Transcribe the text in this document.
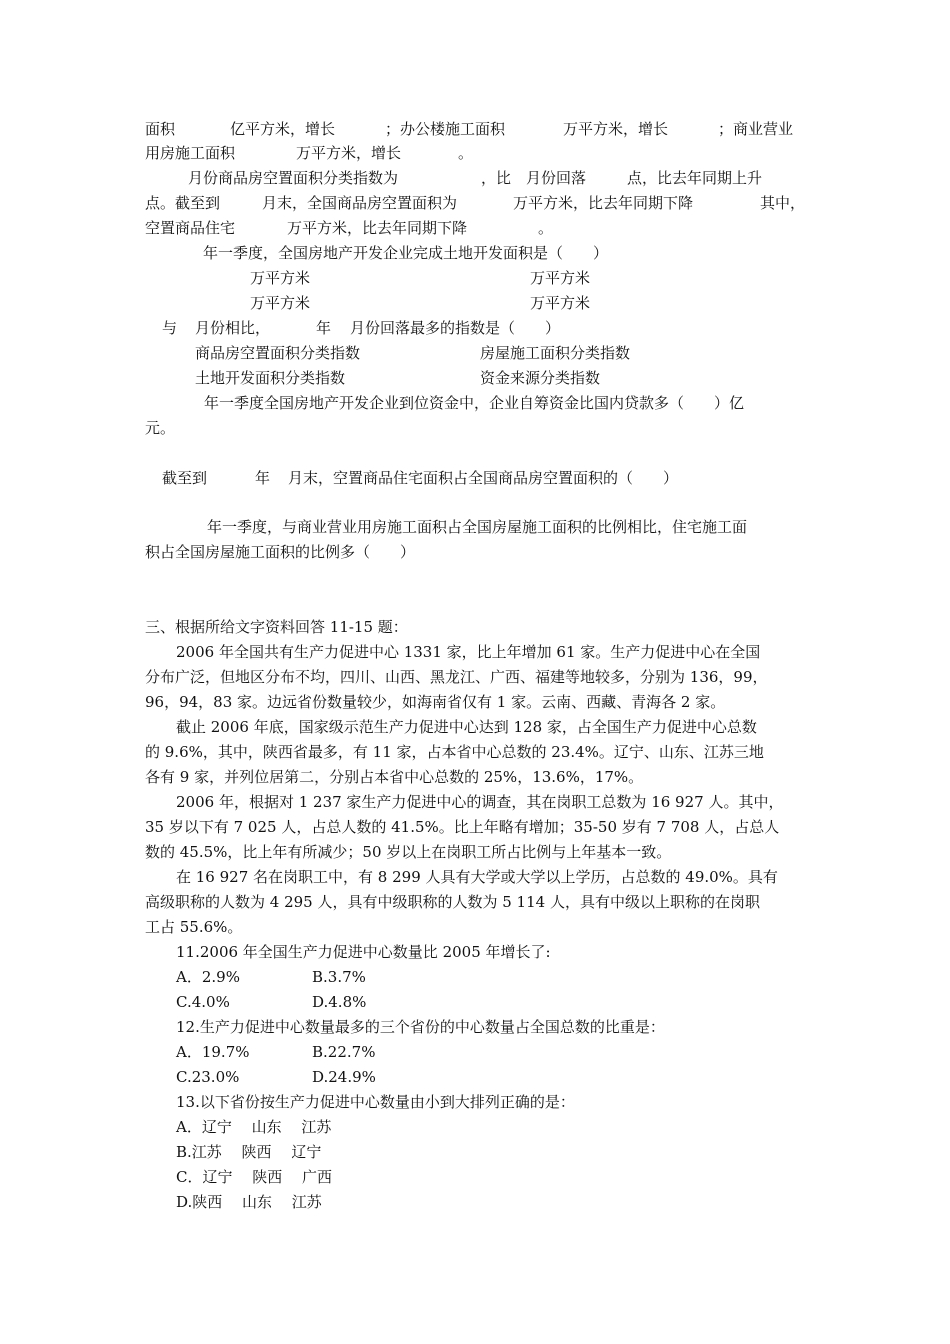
面积	亿平方米，增长	；办公楼施工面积	万平方米，增长	；商业营业
用房施工面积	万平方米，增长	。
月份商品房空置面积分类指数为	，比 月份回落	点，比去年同期上升
点。截至到	月末，全国商品房空置面积为	万平方米，比去年同期下降	其中，
空置商品住宅	万平方米，比去年同期下降	。
年一季度，全国房地产开发企业完成土地开发面积是（　　）
万平方米	万平方米
万平方米	万平方米
与 月份相比，	年 月份回落最多的指数是（　　）
商品房空置面积分类指数	房屋施工面积分类指数
土地开发面积分类指数	资金来源分类指数
年一季度全国房地产开发企业到位资金中，企业自筹资金比国内贷款多（　　）亿
元。
截至到	年 月末，空置商品住宅面积占全国商品房空置面积的（　　）
年一季度，与商业营业用房施工面积占全国房屋施工面积的比例相比，住宅施工面
积占全国房屋施工面积的比例多（　　）
三、根据所给文字资料回答 11-15 题：
2006 年全国共有生产力促进中心 1331 家，比上年增加 61 家。生产力促进中心在全国
分布广泛，但地区分布不均，四川、山西、黑龙江、广西、福建等地较多，分别为 136，99，
96，94，83 家。边远省份数量较少，如海南省仅有 1 家。云南、西藏、青海各 2 家。
截止 2006 年底，国家级示范生产力促进中心达到 128 家，占全国生产力促进中心总数
的 9.6%，其中，陕西省最多，有 11 家，占本省中心总数的 23.4%。辽宁、山东、江苏三地
各有 9 家，并列位居第二，分别占本省中心总数的 25%，13.6%，17%。
2006 年，根据对 1 237 家生产力促进中心的调查，其在岗职工总数为 16 927 人。其中，
35 岁以下有 7 025 人，占总人数的 41.5%。比上年略有增加；35-50 岁有 7 708 人，占总人
数的 45.5%，比上年有所减少；50 岁以上在岗职工所占比例与上年基本一致。
在 16 927 名在岗职工中，有 8 299 人具有大学或大学以上学历，占总数的 49.0%。具有
高级职称的人数为 4 295 人，具有中级职称的人数为 5 114 人，具有中级以上职称的在岗职
工占 55.6%。
11.2006 年全国生产力促进中心数量比 2005 年增长了:
A．2.9%	B.3.7%
C.4.0%	D.4.8%
12.生产力促进中心数量最多的三个省份的中心数量占全国总数的比重是：
A．19.7%	B.22.7%
C.23.0%	D.24.9%
13.以下省份按生产力促进中心数量由小到大排列正确的是：
A．辽宁　 山东　 江苏
B.江苏　 陕西　 辽宁
C．辽宁　 陕西　 广西
D.陕西　 山东　 江苏
